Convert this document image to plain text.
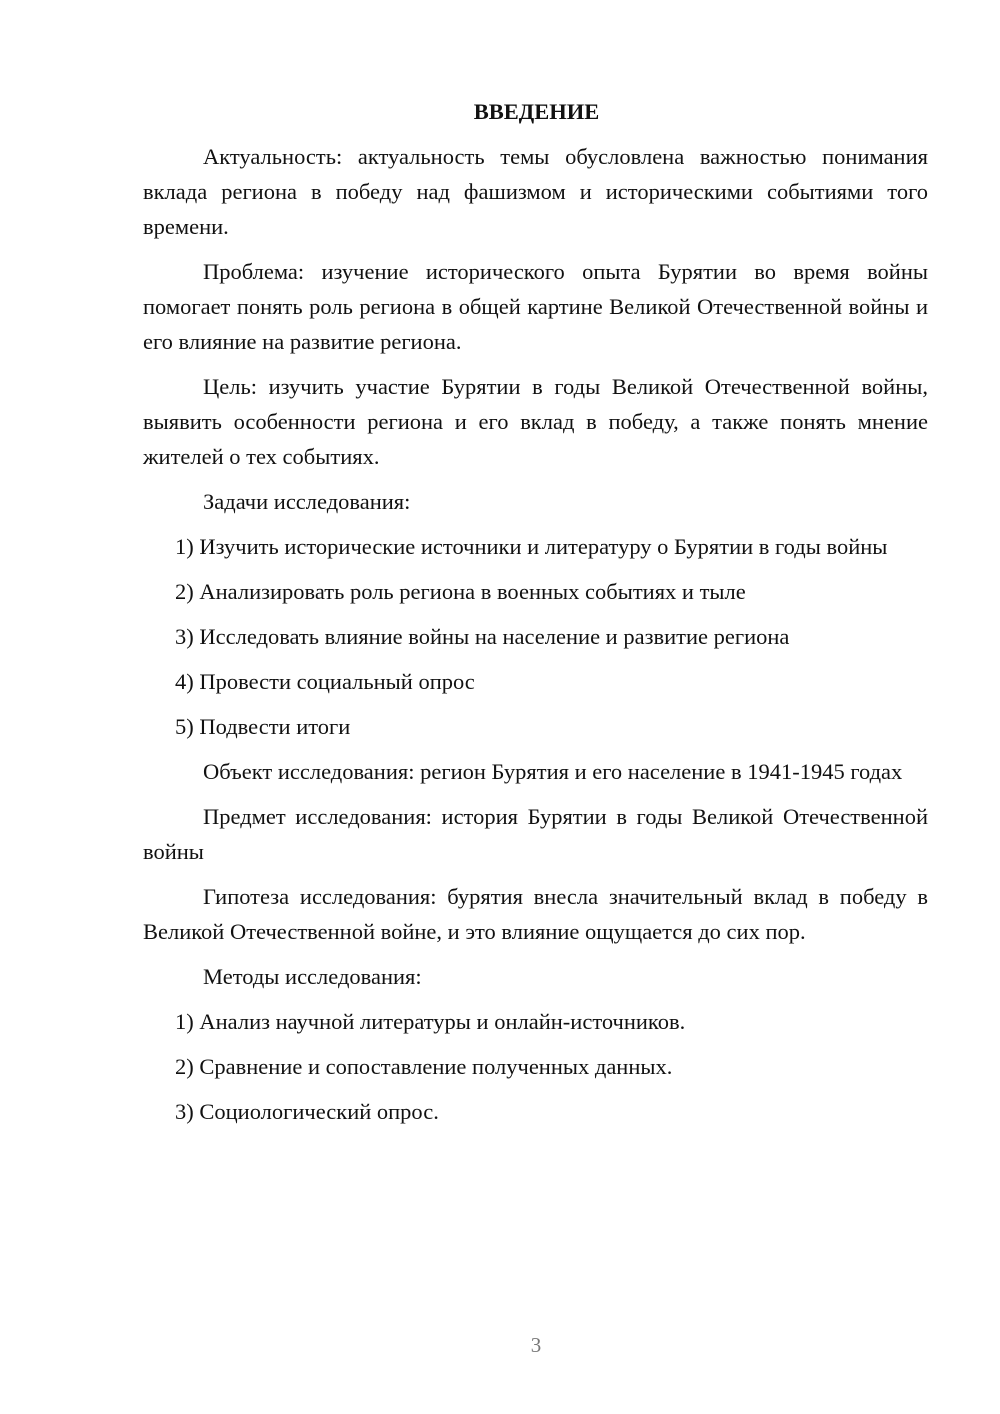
ВВЕДЕНИЕ
Актуальность: актуальность темы обусловлена важностью понимания вклада региона в победу над фашизмом и историческими событиями того времени.
Проблема: изучение исторического опыта Бурятии во время войны помогает понять роль региона в общей картине Великой Отечественной войны и его влияние на развитие региона.
Цель: изучить участие Бурятии в годы Великой Отечественной войны, выявить особенности региона и его вклад в победу, а также понять мнение жителей о тех событиях.
Задачи исследования:
1) Изучить исторические источники и литературу о Бурятии в годы войны
2) Анализировать роль региона в военных событиях и тыле
3) Исследовать влияние войны на население и развитие региона
4) Провести социальный опрос
5) Подвести итоги
Объект исследования: регион Бурятия и его население в 1941-1945 годах
Предмет исследования: история Бурятии в годы Великой Отечественной войны
Гипотеза исследования: бурятия внесла значительный вклад в победу в Великой Отечественной войне, и это влияние ощущается до сих пор.
Методы исследования:
1) Анализ научной литературы и онлайн-источников.
2) Сравнение и сопоставление полученных данных.
3) Социологический опрос.
3
